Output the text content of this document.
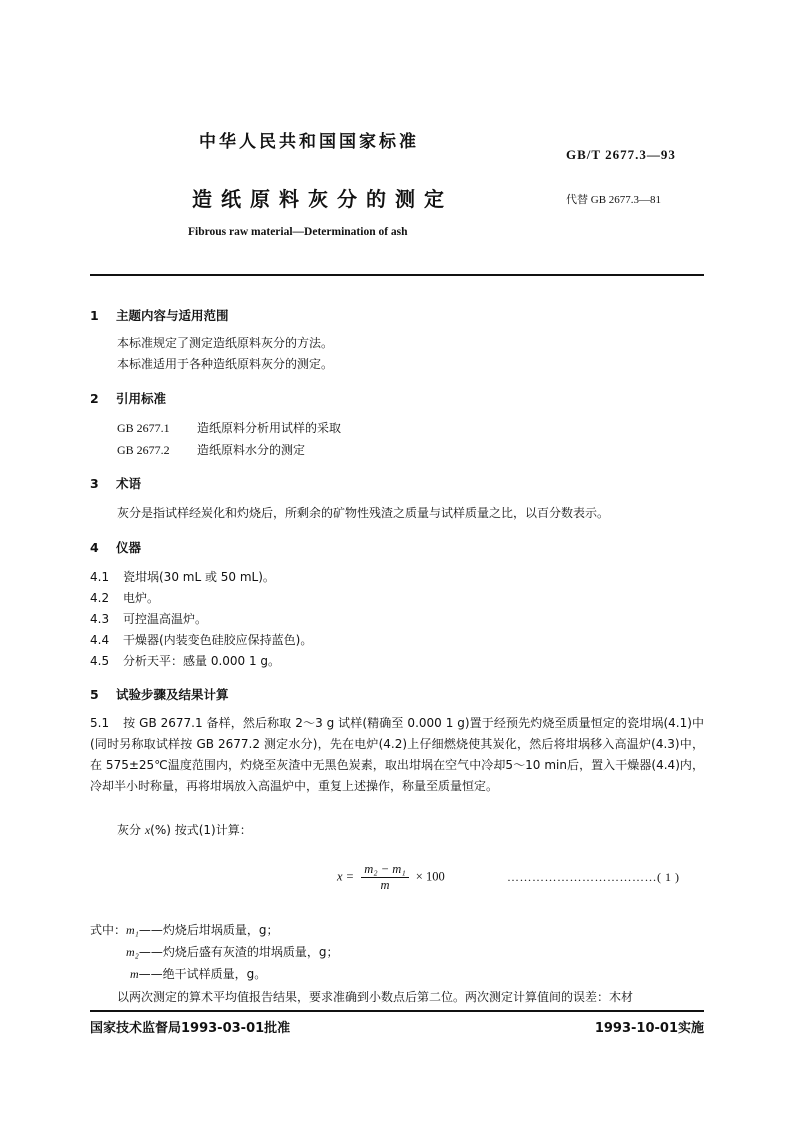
中华人民共和国国家标准
GB/T 2677.3—93
造纸原料灰分的测定	代替 GB 2677.3—81
Fibrous raw material—Determination of ash
1 主题内容与适用范围
本标准规定了测定造纸原料灰分的方法。
本标准适用于各种造纸原料灰分的测定。
2 引用标准
GB 2677.1 造纸原料分析用试样的采取
GB 2677.2 造纸原料水分的测定
3 术语
灰分是指试样经炭化和灼烧后，所剩余的矿物性残渣之质量与试样质量之比，以百分数表示。
4 仪器
4.1 瓷坩埚(30 mL 或 50 mL)。
4.2 电炉。
4.3 可控温高温炉。
4.4 干燥器(内装变色硅胶应保持蓝色)。
4.5 分析天平：感量 0.000 1 g。
5 试验步骤及结果计算
5.1 按 GB 2677.1 备样，然后称取 2～3 g 试样(精确至 0.000 1 g)置于经预先灼烧至质量恒定的瓷坩埚(4.1)中(同时另称取试样按 GB 2677.2 测定水分)，先在电炉(4.2)上仔细燃烧使其炭化，然后将坩埚移入高温炉(4.3)中，在 575±25℃温度范围内，灼烧至灰渣中无黑色炭素，取出坩埚在空气中冷却5～10 min后，置入干燥器(4.4)内，冷却半小时称量，再将坩埚放入高温炉中，重复上述操作，称量至质量恒定。
灰分 x(%) 按式(1)计算：
$x = \frac{\text{m₂ − m₁}}{m} \times 100$	………………………………( 1 )
式中：m₁——灼烧后坩埚质量，g；
m₂——灼烧后盛有灰渣的坩埚质量，g；
m——绝干试样质量，g。
以两次测定的算术平均值报告结果，要求准确到小数点后第二位。两次测定计算值间的误差：木材
国家技术监督局1993-03-01批准	1993-10-01实施
